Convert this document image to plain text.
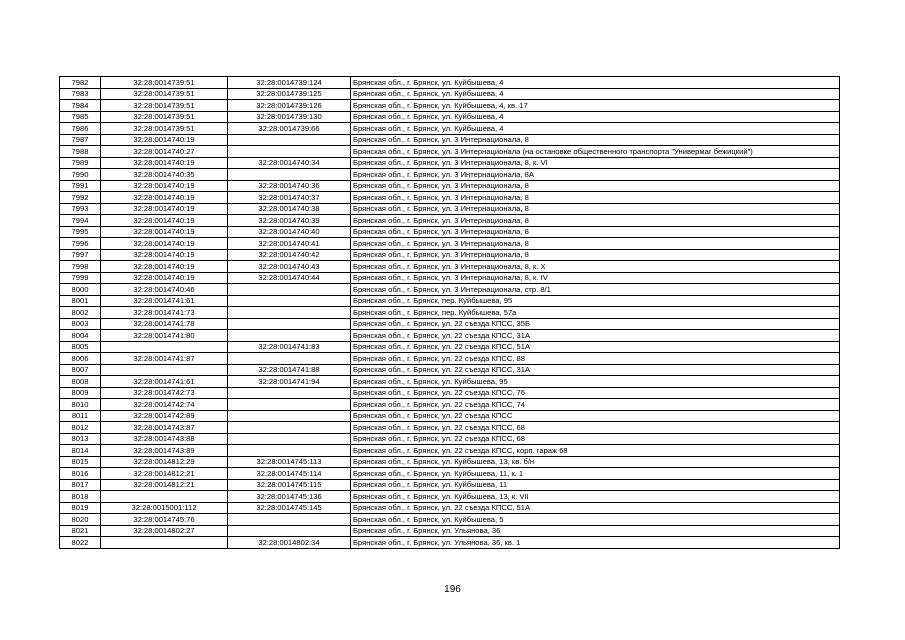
7982	32:28:0014739:51	32:28:0014739:124	Брянская обл., г. Брянск, ул. Куйбышева, 4
7983	32:28:0014739:51	32:28:0014739:125	Брянская обл., г. Брянск, ул. Куйбышева, 4
7984	32:28:0014739:51	32:28:0014739:126	Брянская обл., г. Брянск, ул. Куйбышева, 4, кв. 17
7985	32:28:0014739:51	32:28:0014739:130	Брянская обл., г. Брянск, ул. Куйбышева, 4
7986	32:28:0014739:51	32:28:0014739:66	Брянская обл., г. Брянск, ул. Куйбышева, 4
7987	32:28:0014740:19		Брянская обл., г. Брянск, ул. 3 Интернационала, 8
7988	32:28:0014740:27		Брянская обл., г. Брянск, ул. 3 Интернационала (на остановке общественного транспорта "Универмаг бежицкий")
7989	32:28:0014740:19	32:28:0014740:34	Брянская обл., г. Брянск, ул. 3 Интернационала, 8, к. VI
7990	32:28:0014740:35		Брянская обл., г. Брянск, ул. 3 Интернационала, 8А
7991	32:28:0014740:19	32:28:0014740:36	Брянская обл., г. Брянск, ул. 3 Интернационала, 8
7992	32:28:0014740:19	32:28:0014740:37	Брянская обл., г. Брянск, ул. 3 Интернационала, 8
7993	32:28:0014740:19	32:28:0014740:38	Брянская обл., г. Брянск, ул. 3 Интернационала, 8
7994	32:28:0014740:19	32:28:0014740:39	Брянская обл., г. Брянск, ул. 3 Интернационала, 8
7995	32:28:0014740:19	32:28:0014740:40	Брянская обл., г. Брянск, ул. 3 Интернационала, 8
7996	32:28:0014740:19	32:28:0014740:41	Брянская обл., г. Брянск, ул. 3 Интернационала, 8
7997	32:28:0014740:19	32:28:0014740:42	Брянская обл., г. Брянск, ул. 3 Интернационала, 8
7998	32:28:0014740:19	32:28:0014740:43	Брянская обл., г. Брянск, ул. 3 Интернационала, 8, к. X
7999	32:28:0014740:19	32:28:0014740:44	Брянская обл., г. Брянск, ул. 3 Интернационала, 8, к. IV
8000	32:28:0014740:46		Брянская обл., г. Брянск, ул. 3 Интернационала, стр. 8/1
8001	32:28:0014741:61		Брянская обл., г. Брянск, пер. Куйбышева, 95
8002	32:28:0014741:73		Брянская обл., г. Брянск, пер. Куйбышева, 57а
8003	32:28:0014741:78		Брянская обл., г. Брянск, ул. 22 съезда КПСС, 35Б
8004	32:28:0014741:80		Брянская обл., г. Брянск, ул. 22 съезда КПСС, 31А
8005		32:28:0014741:83	Брянская обл., г. Брянск, ул. 22 съезда КПСС, 51А
8006	32:28:0014741:87		Брянская обл., г. Брянск, ул. 22 съезда КПСС, 88
8007		32:28:0014741:88	Брянская обл., г. Брянск, ул. 22 съезда КПСС, 31А
8008	32:28:0014741:61	32:28:0014741:94	Брянская обл., г. Брянск, ул. Куйбышева, 95
8009	32:28:0014742:73		Брянская обл., г. Брянск, ул. 22 съезда КПСС, 76
8010	32:28:0014742:74		Брянская обл., г. Брянск, ул. 22 съезда КПСС, 74
8011	32:28:0014742:89		Брянская обл., г. Брянск, ул. 22 съезда КПСС
8012	32:28:0014743:87		Брянская обл., г. Брянск, ул. 22 съезда КПСС, 68
8013	32:28:0014743:88		Брянская обл., г. Брянск, ул. 22 съезда КПСС, 68
8014	32:28:0014743:89		Брянская обл., г. Брянск, ул. 22 съезда КПСС, корп. гараж 68
8015	32:28:0014812:29	32:28:0014745:113	Брянская обл., г. Брянск, ул. Куйбышева, 13, кв. б/н
8016	32:28:0014812:21	32:28:0014745:114	Брянская обл., г. Брянск, ул. Куйбышева, 11, к. 1
8017	32:28:0014812:21	32:28:0014745:115	Брянская обл., г. Брянск, ул. Куйбышева, 11
8018		32:28:0014745:136	Брянская обл., г. Брянск, ул. Куйбышева, 13, к. VII
8019	32:28:0015001:112	32:28:0014745:145	Брянская обл., г. Брянск, ул. 22 съезда КПСС, 51А
8020	32:28:0014745:76		Брянская обл., г. Брянск, ул. Куйбышева, 5
8021	32:28:0014802:27		Брянская обл., г. Брянск, ул. Ульянова, 36
8022		32:28:0014802:34	Брянская обл., г. Брянск, ул. Ульянова, 36, кв. 1
196
